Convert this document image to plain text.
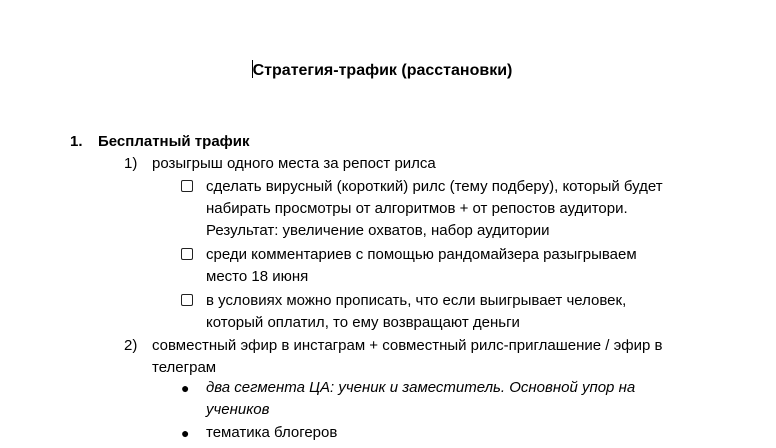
Стратегия-трафик (расстановки)
1. Бесплатный трафик
1) розыгрыш одного места за репост рилса
сделать вирусный (короткий) рилс (тему подберу), который будет
набирать просмотры от алгоритмов + от репостов аудитори.
Результат: увеличение охватов, набор аудитории
среди комментариев с помощью рандомайзера разыгрываем
место 18 июня
в условиях можно прописать, что если выигрывает человек,
который оплатил, то ему возвращают деньги
2) совместный эфир в инстаграм + совместный рилс-приглашение / эфир в
телеграм
● два сегмента ЦА: ученик и заместитель. Основной упор на
учеников
● тематика блогеров
